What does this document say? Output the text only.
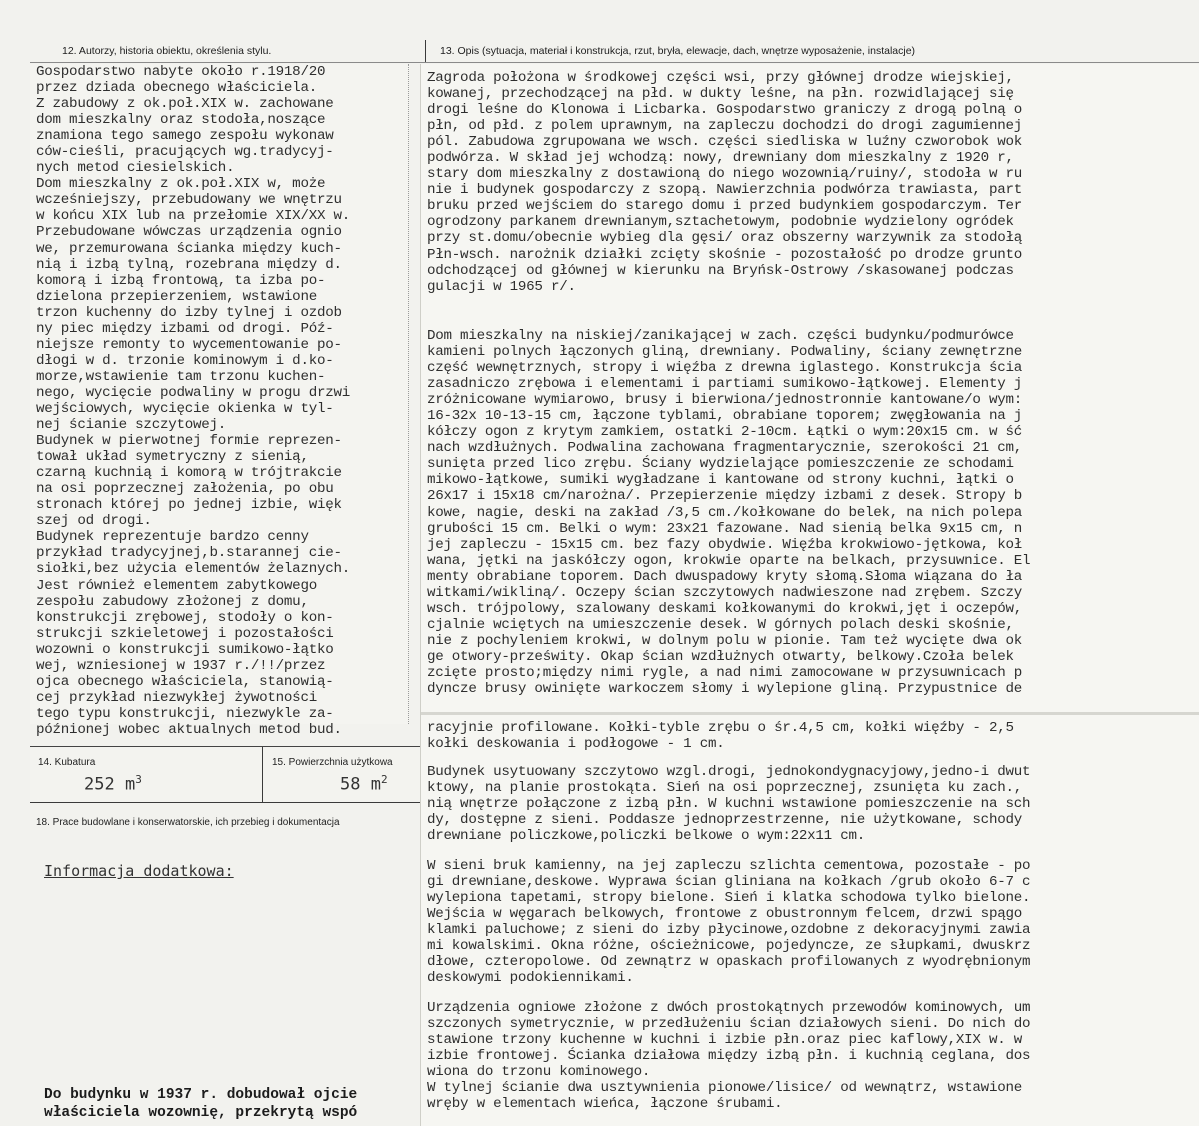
12. Autorzy, historia obiektu, określenia stylu.	13. Opis (sytuacja, materiał i konstrukcja, rzut, bryła, elewacje, dach, wnętrze wyposażenie, instalacje)
Gospodarstwo nabyte około r.1918/20
przez dziada obecnego właściciela.
Z zabudowy z ok.poł.XIX w. zachowane
dom mieszkalny oraz stodoła,noszące
znamiona tego samego zespołu wykonaw
ców-cieśli, pracujących wg.tradycyj-
nych metod ciesielskich.
Dom mieszkalny z ok.poł.XIX w, może
wcześniejszy, przebudowany we wnętrzu
w końcu XIX lub na przełomie XIX/XX w.
Przebudowane wówczas urządzenia ognio
we, przemurowana ścianka między kuch-
nią i izbą tylną, rozebrana między d.
komorą i izbą frontową, ta izba po-
dzielona przepierzeniem, wstawione
trzon kuchenny do izby tylnej i ozdob
ny piec między izbami od drogi. Póź-
niejsze remonty to wycementowanie po-
dłogi w d. trzonie kominowym i d.ko-
morze,wstawienie tam trzonu kuchen-
nego, wycięcie podwaliny w progu drzwi
wejściowych, wycięcie okienka w tyl-
nej ścianie szczytowej.
Budynek w pierwotnej formie reprezen-
tował układ symetryczny z sienią,
czarną kuchnią i komorą w trójtrakcie
na osi poprzecznej założenia, po obu
stronach której po jednej izbie, więk
szej od drogi.
Budynek reprezentuje bardzo cenny
przykład tradycyjnej,b.starannej cie-
siołki,bez użycia elementów żelaznych.
Jest również elementem zabytkowego
zespołu zabudowy złożonej z domu,
konstrukcji zrębowej, stodoły o kon-
strukcji szkieletowej i pozostałości
wozowni o konstrukcji sumikowo-łątko
wej, wzniesionej w 1937 r./!!/przez
ojca obecnego właściciela, stanowią-
cej przykład niezwykłej żywotności
tego typu konstrukcji, niezwykle za-
późnionej wobec aktualnych metod bud.
14. Kubatura
252 $m^3$
15. Powierzchnia użytkowa
58 $m^2$
18. Prace budowlane i konserwatorskie, ich przebieg i dokumentacja
Informacja dodatkowa:
Do budynku w 1937 r. dobudował ojcie
właściciela wozownię, przekrytą wspó
Zagroda położona w środkowej części wsi, przy głównej drodze wiejskiej,
kowanej, przechodzącej na płd. w dukty leśne, na płn. rozwidlającej się
drogi leśne do Klonowa i Licbarka. Gospodarstwo graniczy z drogą polną o
płn, od płd. z polem uprawnym, na zapleczu dochodzi do drogi zagumiennej
pól. Zabudowa zgrupowana we wsch. części siedliska w luźny czworobok wok
podwórza. W skład jej wchodzą: nowy, drewniany dom mieszkalny z 1920 r,
stary dom mieszkalny z dostawioną do niego wozownią/ruiny/, stodoła w ru
nie i budynek gospodarczy z szopą. Nawierzchnia podwórza trawiasta, part
bruku przed wejściem do starego domu i przed budynkiem gospodarczym. Ter
ogrodzony parkanem drewnianym,sztachetowym, podobnie wydzielony ogródek
przy st.domu/obecnie wybieg dla gęsi/ oraz obszerny warzywnik za stodołą
Płn-wsch. narożnik działki zcięty skośnie - pozostałość po drodze grunto
odchodzącej od głównej w kierunku na Bryńsk-Ostrowy /skasowanej podczas
gulacji w 1965 r/.
Dom mieszkalny na niskiej/zanikającej w zach. części budynku/podmurówce
kamieni polnych łączonych gliną, drewniany. Podwaliny, ściany zewnętrzne
część wewnętrznych, stropy i więźba z drewna iglastego. Konstrukcja ścia
zasadniczo zrębowa i elementami i partiami sumikowo-łątkowej. Elementy j
zróżnicowane wymiarowo, brusy i bierwiona/jednostronnie kantowane/o wym:
16-32x 10-13-15 cm, łączone tyblami, obrabiane toporem; zwęgłowania na j
kółczy ogon z krytym zamkiem, ostatki 2-10cm. Łątki o wym:20x15 cm. w ść
nach wzdłużnych. Podwalina zachowana fragmentarycznie, szerokości 21 cm,
sunięta przed lico zrębu. Ściany wydzielające pomieszczenie ze schodami
mikowo-łątkowe, sumiki wygładzane i kantowane od strony kuchni, łątki o
26x17 i 15x18 cm/narożna/. Przepierzenie między izbami z desek. Stropy b
kowe, nagie, deski na zakład /3,5 cm./kołkowane do belek, na nich polepa
grubości 15 cm. Belki o wym: 23x21 fazowane. Nad sienią belka 9x15 cm, n
jej zapleczu - 15x15 cm. bez fazy obydwie. Więźba krokwiowo-jętkowa, koł
wana, jętki na jaskółczy ogon, krokwie oparte na belkach, przysuwnice. El
menty obrabiane toporem. Dach dwuspadowy kryty słomą.Słoma wiązana do ła
witkami/wikliną/. Oczepy ścian szczytowych nadwieszone nad zrębem. Szczy
wsch. trójpolowy, szalowany deskami kołkowanymi do krokwi,jęt i oczepów,
cjalnie wciętych na umieszczenie desek. W górnych polach deski skośnie,
nie z pochyleniem krokwi, w dolnym polu w pionie. Tam też wycięte dwa ok
ge otwory-prześwity. Okap ścian wzdłużnych otwarty, belkowy.Czoła belek
zcięte prosto;między nimi rygle, a nad nimi zamocowane w przysuwnicach p
dyncze brusy owinięte warkoczem słomy i wylepione gliną. Przypustnice de
racyjnie profilowane. Kołki-tyble zrębu o śr.4,5 cm, kołki więźby - 2,5
kołki deskowania i podłogowe - 1 cm.
Budynek usytuowany szczytowo wzgl.drogi, jednokondygnacyjowy,jedno-i dwut
ktowy, na planie prostokąta. Sień na osi poprzecznej, zsunięta ku zach.,
nią wnętrze połączone z izbą płn. W kuchni wstawione pomieszczenie na sch
dy, dostępne z sieni. Poddasze jednoprzestrzenne, nie użytkowane, schody
drewniane policzkowe,policzki belkowe o wym:22x11 cm.
W sieni bruk kamienny, na jej zapleczu szlichta cementowa, pozostałe - po
gi drewniane,deskowe. Wyprawa ścian gliniana na kołkach /grub około 6-7 c
wylepiona tapetami, stropy bielone. Sień i klatka schodowa tylko bielone.
Wejścia w węgarach belkowych, frontowe z obustronnym felcem, drzwi spągo
klamki paluchowe; z sieni do izby płycinowe,ozdobne z dekoracyjnymi zawia
mi kowalskimi. Okna różne, ościeżnicowe, pojedyncze, ze słupkami, dwuskrz
dłowe, czteropolowe. Od zewnątrz w opaskach profilowanych z wyodrębnionym
deskowymi podokiennikami.
Urządzenia ogniowe złożone z dwóch prostokątnych przewodów kominowych, um
szczonych symetrycznie, w przedłużeniu ścian działowych sieni. Do nich do
stawione trzony kuchenne w kuchni i izbie płn.oraz piec kaflowy,XIX w. w
izbie frontowej. Ścianka działowa między izbą płn. i kuchnią ceglana, dos
wiona do trzonu kominowego.
W tylnej ścianie dwa usztywnienia pionowe/lisice/ od wewnątrz, wstawione
wręby w elementach wieńca, łączone śrubami.
